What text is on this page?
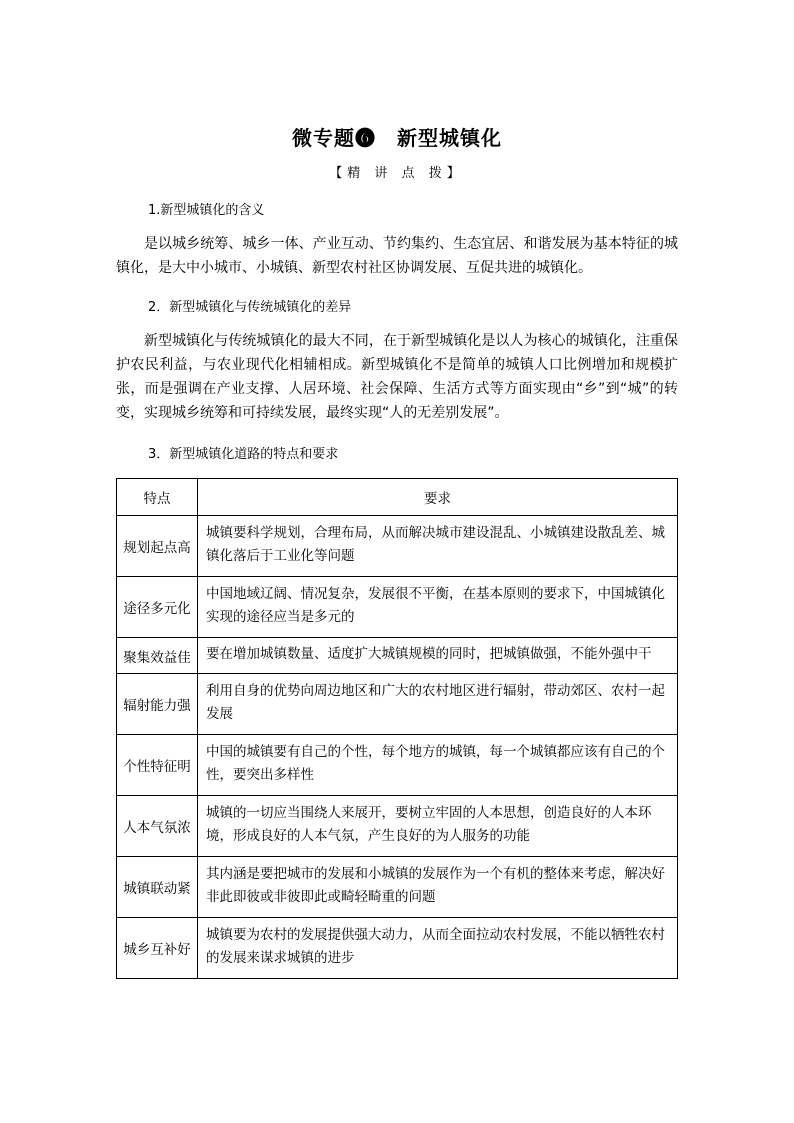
微专题❻　新型城镇化
【精 讲 点 拨】
1.新型城镇化的含义

是以城乡统筹、城乡一体、产业互动、节约集约、生态宜居、和谐发展为基本特征的城镇化，是大中小城市、小城镇、新型农村社区协调发展、互促共进的城镇化。

2．新型城镇化与传统城镇化的差异

新型城镇化与传统城镇化的最大不同，在于新型城镇化是以人为核心的城镇化，注重保护农民利益，与农业现代化相辅相成。新型城镇化不是简单的城镇人口比例增加和规模扩张，而是强调在产业支撑、人居环境、社会保障、生活方式等方面实现由“乡”到“城”的转变，实现城乡统筹和可持续发展，最终实现“人的无差别发展”。

3．新型城镇化道路的特点和要求
特点	要求
规划起点高	城镇要科学规划，合理布局，从而解决城市建设混乱、小城镇建设散乱差、城镇化落后于工业化等问题
途径多元化	中国地域辽阔、情况复杂，发展很不平衡，在基本原则的要求下，中国城镇化实现的途径应当是多元的
聚集效益佳	要在增加城镇数量、适度扩大城镇规模的同时，把城镇做强，不能外强中干
辐射能力强	利用自身的优势向周边地区和广大的农村地区进行辐射，带动郊区、农村一起发展
个性特征明	中国的城镇要有自己的个性，每个地方的城镇，每一个城镇都应该有自己的个性，要突出多样性
人本气氛浓	城镇的一切应当围绕人来展开，要树立牢固的人本思想，创造良好的人本环境，形成良好的人本气氛，产生良好的为人服务的功能
城镇联动紧	其内涵是要把城市的发展和小城镇的发展作为一个有机的整体来考虑，解决好非此即彼或非彼即此或畸轻畸重的问题
城乡互补好	城镇要为农村的发展提供强大动力，从而全面拉动农村发展，不能以牺牲农村的发展来谋求城镇的进步
